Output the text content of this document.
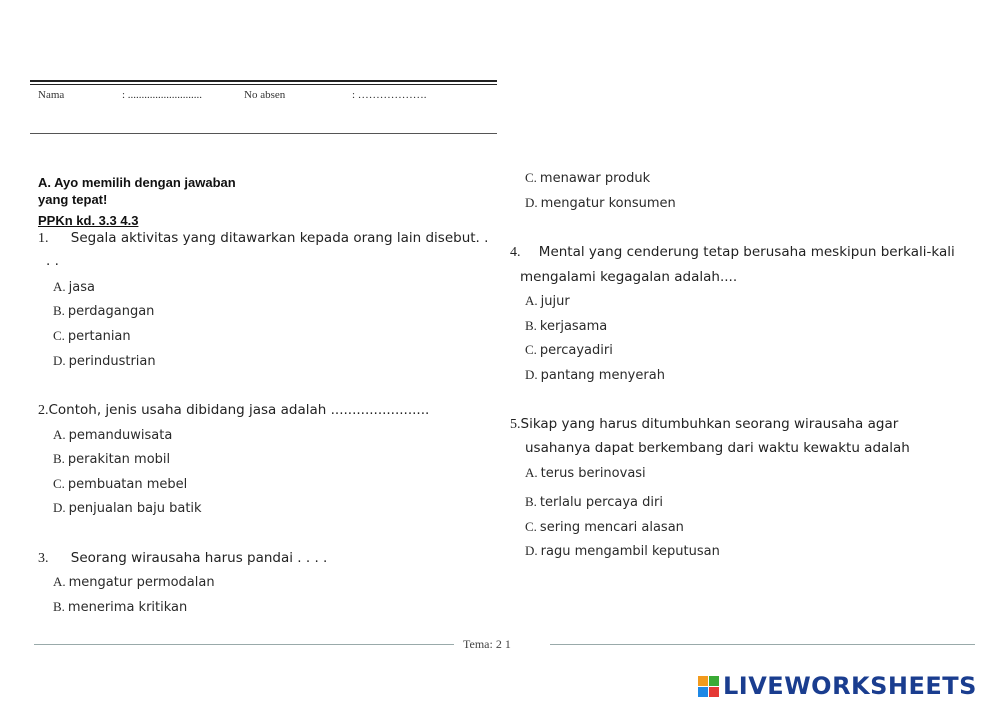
Nama	: ...........................	No absen	: ……………….
A. Ayo memilih dengan jawaban
yang tepat!
PPKn kd. 3.3 4.3
1. Segala aktivitas yang ditawarkan kepada orang lain disebut. .
. .
A. jasa
B. perdagangan
C. pertanian
D. perindustrian
2.Contoh, jenis usaha dibidang jasa adalah .......................
A. pemanduwisata
B. perakitan mobil
C. pembuatan mebel
D. penjualan baju batik
3. Seorang wirausaha harus pandai . . . .
A. mengatur permodalan
B. menerima kritikan
C. menawar produk
D. mengatur konsumen
4. Mental yang cenderung tetap berusaha meskipun berkali-kali
mengalami kegagalan adalah....
A. jujur
B. kerjasama
C. percayadiri
D. pantang menyerah
5.Sikap yang harus ditumbuhkan seorang wirausaha agar
usahanya dapat berkembang dari waktu kewaktu adalah
A. terus berinovasi
B. terlalu percaya diri
C. sering mencari alasan
D. ragu mengambil keputusan
Tema: 2 1
LIVEWORKSHEETS
